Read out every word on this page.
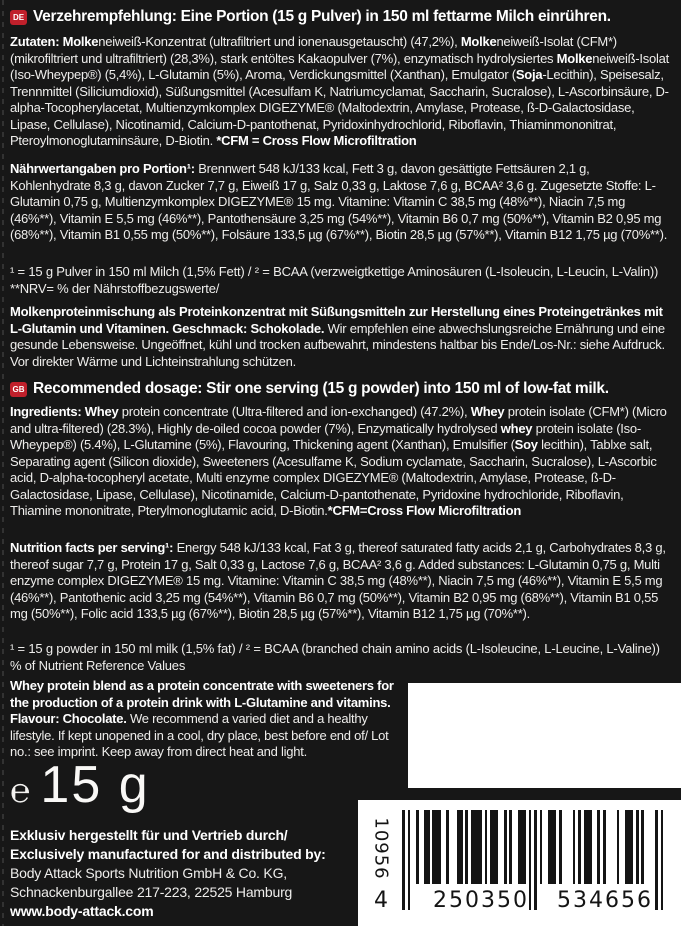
DE Verzehrempfehlung: Eine Portion (15 g Pulver) in 150 ml fettarme Milch einrühren.
Zutaten: Molkeneiweiß-Konzentrat (ultrafiltriert und ionenausgetauscht) (47,2%), Molkeneiweiß-Isolat (CFM*) (mikrofiltriert und ultrafiltriert) (28,3%), stark entöltes Kakaopulver (7%), enzymatisch hydrolysiertes Molkeneiweiß-Isolat (Iso-Wheypep®) (5,4%), L-Glutamin (5%), Aroma, Verdickungsmittel (Xanthan), Emulgator (Soja-Lecithin), Speisesalz, Trennmittel (Siliciumdioxid), Süßungsmittel (Acesulfam K, Natriumcyclamat, Saccharin, Sucralose), L-Ascorbinsäure, D-alpha-Tocopherylacetat, Multienzymkomplex DIGEZYME® (Maltodextrin, Amylase, Protease, ß-D-Galactosidase, Lipase, Cellulase), Nicotinamid, Calcium-D-pantothenat, Pyridoxinhydrochlorid, Riboflavin, Thiaminmononitrat, Pteroylmonoglutaminsäure, D-Biotin. *CFM = Cross Flow Microfiltration
Nährwertangaben pro Portion¹: Brennwert 548 kJ/133 kcal, Fett 3 g, davon gesättigte Fettsäuren 2,1 g, Kohlenhydrate 8,3 g, davon Zucker 7,7 g, Eiweiß 17 g, Salz 0,33 g, Laktose 7,6 g, BCAA² 3,6 g. Zugesetzte Stoffe: L-Glutamin 0,75 g, Multienzymkomplex DIGEZYME® 15 mg. Vitamine: Vitamin C 38,5 mg (48%**), Niacin 7,5 mg (46%**), Vitamin E 5,5 mg (46%**), Pantothensäure 3,25 mg (54%**), Vitamin B6 0,7 mg (50%**), Vitamin B2 0,95 mg (68%**), Vitamin B1 0,55 mg (50%**), Folsäure 133,5 µg (67%**), Biotin 28,5 µg (57%**), Vitamin B12 1,75 µg (70%**).
¹ = 15 g Pulver in 150 ml Milch (1,5% Fett) / ² = BCAA (verzweigtkettige Aminosäuren (L-Isoleucin, L-Leucin, L-Valin))
**NRV= % der Nährstoffbezugswerte/
Molkenproteinmischung als Proteinkonzentrat mit Süßungsmitteln zur Herstellung eines Proteingetränkes mit L-Glutamin und Vitaminen. Geschmack: Schokolade. Wir empfehlen eine abwechslungsreiche Ernährung und eine gesunde Lebensweise. Ungeöffnet, kühl und trocken aufbewahrt, mindestens haltbar bis Ende/Los-Nr.: siehe Aufdruck. Vor direkter Wärme und Lichteinstrahlung schützen.
GB Recommended dosage: Stir one serving (15 g powder) into 150 ml of low-fat milk.
Ingredients: Whey protein concentrate (Ultra-filtered and ion-exchanged) (47.2%), Whey protein isolate (CFM*) (Micro and ultra-filtered) (28.3%), Highly de-oiled cocoa powder (7%), Enzymatically hydrolysed whey protein isolate (Iso-Wheypep®) (5.4%), L-Glutamine (5%), Flavouring, Thickening agent (Xanthan), Emulsifier (Soy lecithin), Tablxe salt, Separating agent (Silicon dioxide), Sweeteners (Acesulfame K, Sodium cyclamate, Saccharin, Sucralose), L-Ascorbic acid, D-alpha-tocopheryl acetate, Multi enzyme complex DIGEZYME® (Maltodextrin, Amylase, Protease, ß-D-Galactosidase, Lipase, Cellulase), Nicotinamide, Calcium-D-pantothenate, Pyridoxine hydrochloride, Riboflavin, Thiamine mononitrate, Pterylmonoglutamic acid, D-Biotin.*CFM=Cross Flow Microfiltration
Nutrition facts per serving¹: Energy 548 kJ/133 kcal, Fat 3 g, thereof saturated fatty acids 2,1 g, Carbohydrates 8,3 g, thereof sugar 7,7 g, Protein 17 g, Salt 0,33 g, Lactose 7,6 g, BCAA² 3,6 g. Added substances: L-Glutamin 0,75 g, Multi enzyme complex DIGEZYME® 15 mg. Vitamine: Vitamin C 38,5 mg (48%**), Niacin 7,5 mg (46%**), Vitamin E 5,5 mg (46%**), Pantothenic acid 3,25 mg (54%**), Vitamin B6 0,7 mg (50%**), Vitamin B2 0,95 mg (68%**), Vitamin B1 0,55 mg (50%**), Folic acid 133,5 µg (67%**), Biotin 28,5 µg (57%**), Vitamin B12 1,75 µg (70%**).
¹ = 15 g powder in 150 ml milk (1,5% fat) / ² = BCAA (branched chain amino acids (L-Isoleucine, L-Leucine, L-Valine))
% of Nutrient Reference Values
Whey protein blend as a protein concentrate with sweeteners for the production of a protein drink with L-Glutamine and vitamins. Flavour: Chocolate. We recommend a varied diet and a healthy lifestyle. If kept unopened in a cool, dry place, best before end of/ Lot no.: see imprint. Keep away from direct heat and light.
℮ 15 g
Exklusiv hergestellt für und Vertrieb durch/
Exclusively manufactured for and distributed by:
Body Attack Sports Nutrition GmbH & Co. KG,
Schnackenburgallee 217-223, 22525 Hamburg
www.body-attack.com
10956
4	250350	534656
